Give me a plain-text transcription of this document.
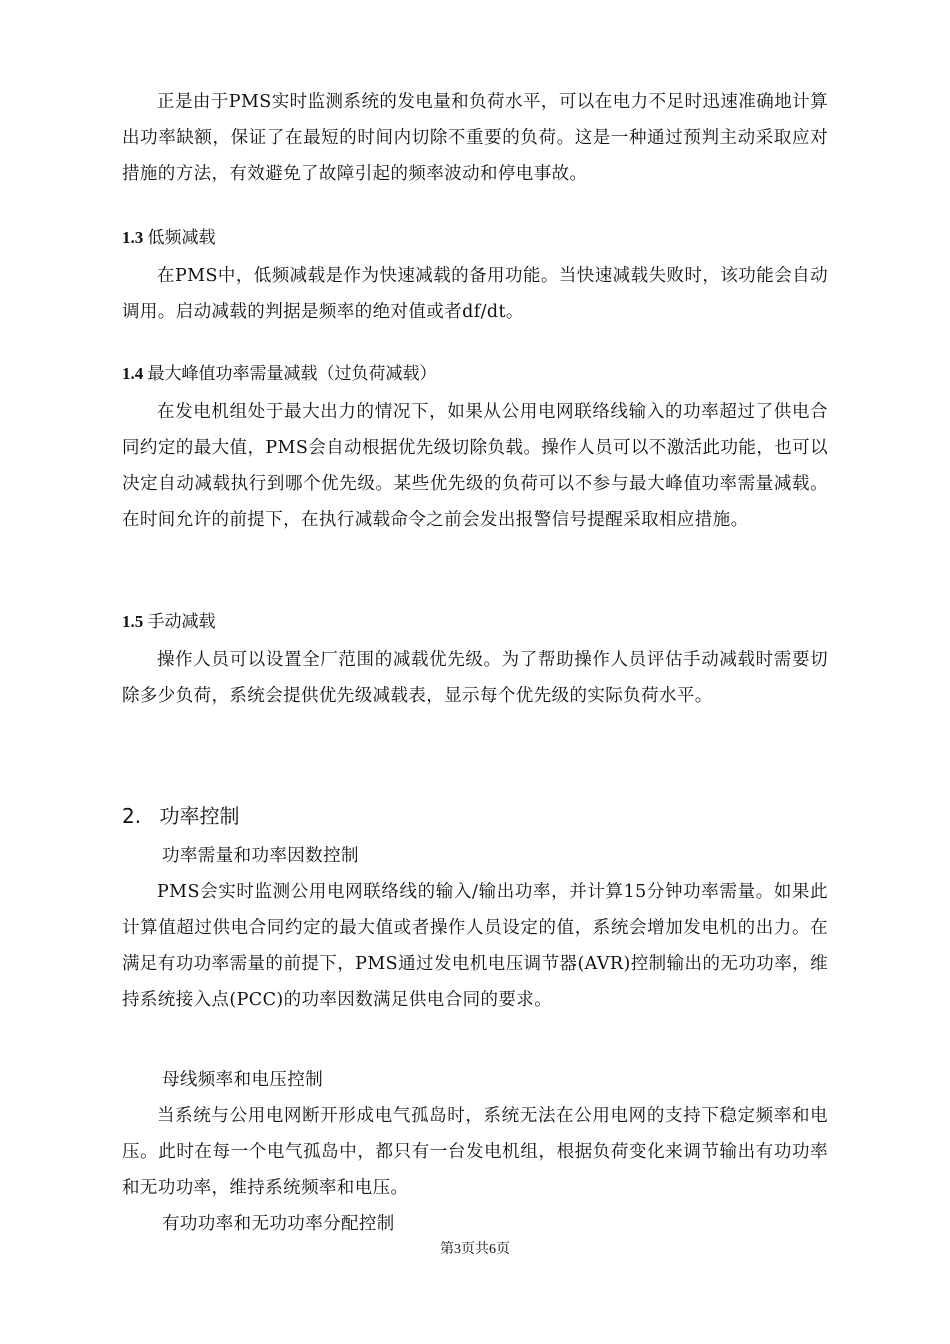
正是由于PMS实时监测系统的发电量和负荷水平，可以在电力不足时迅速准确地计算出功率缺额，保证了在最短的时间内切除不重要的负荷。这是一种通过预判主动采取应对措施的方法，有效避免了故障引起的频率波动和停电事故。

1.3 低频减载

在PMS中，低频减载是作为快速减载的备用功能。当快速减载失败时，该功能会自动调用。启动减载的判据是频率的绝对值或者df/dt。

1.4 最大峰值功率需量减载（过负荷减载）

在发电机组处于最大出力的情况下，如果从公用电网联络线输入的功率超过了供电合同约定的最大值，PMS会自动根据优先级切除负载。操作人员可以不激活此功能，也可以决定自动减载执行到哪个优先级。某些优先级的负荷可以不参与最大峰值功率需量减载。在时间允许的前提下，在执行减载命令之前会发出报警信号提醒采取相应措施。

1.5 手动减载

操作人员可以设置全厂范围的减载优先级。为了帮助操作人员评估手动减载时需要切除多少负荷，系统会提供优先级减载表，显示每个优先级的实际负荷水平。

2. 功率控制
功率需量和功率因数控制

PMS会实时监测公用电网联络线的输入/输出功率，并计算15分钟功率需量。如果此计算值超过供电合同约定的最大值或者操作人员设定的值，系统会增加发电机的出力。在满足有功功率需量的前提下，PMS通过发电机电压调节器(AVR)控制输出的无功功率，维持系统接入点(PCC)的功率因数满足供电合同的要求。

母线频率和电压控制

当系统与公用电网断开形成电气孤岛时，系统无法在公用电网的支持下稳定频率和电压。此时在每一个电气孤岛中，都只有一台发电机组，根据负荷变化来调节输出有功功率和无功功率，维持系统频率和电压。

有功功率和无功功率分配控制
第3页共6页
